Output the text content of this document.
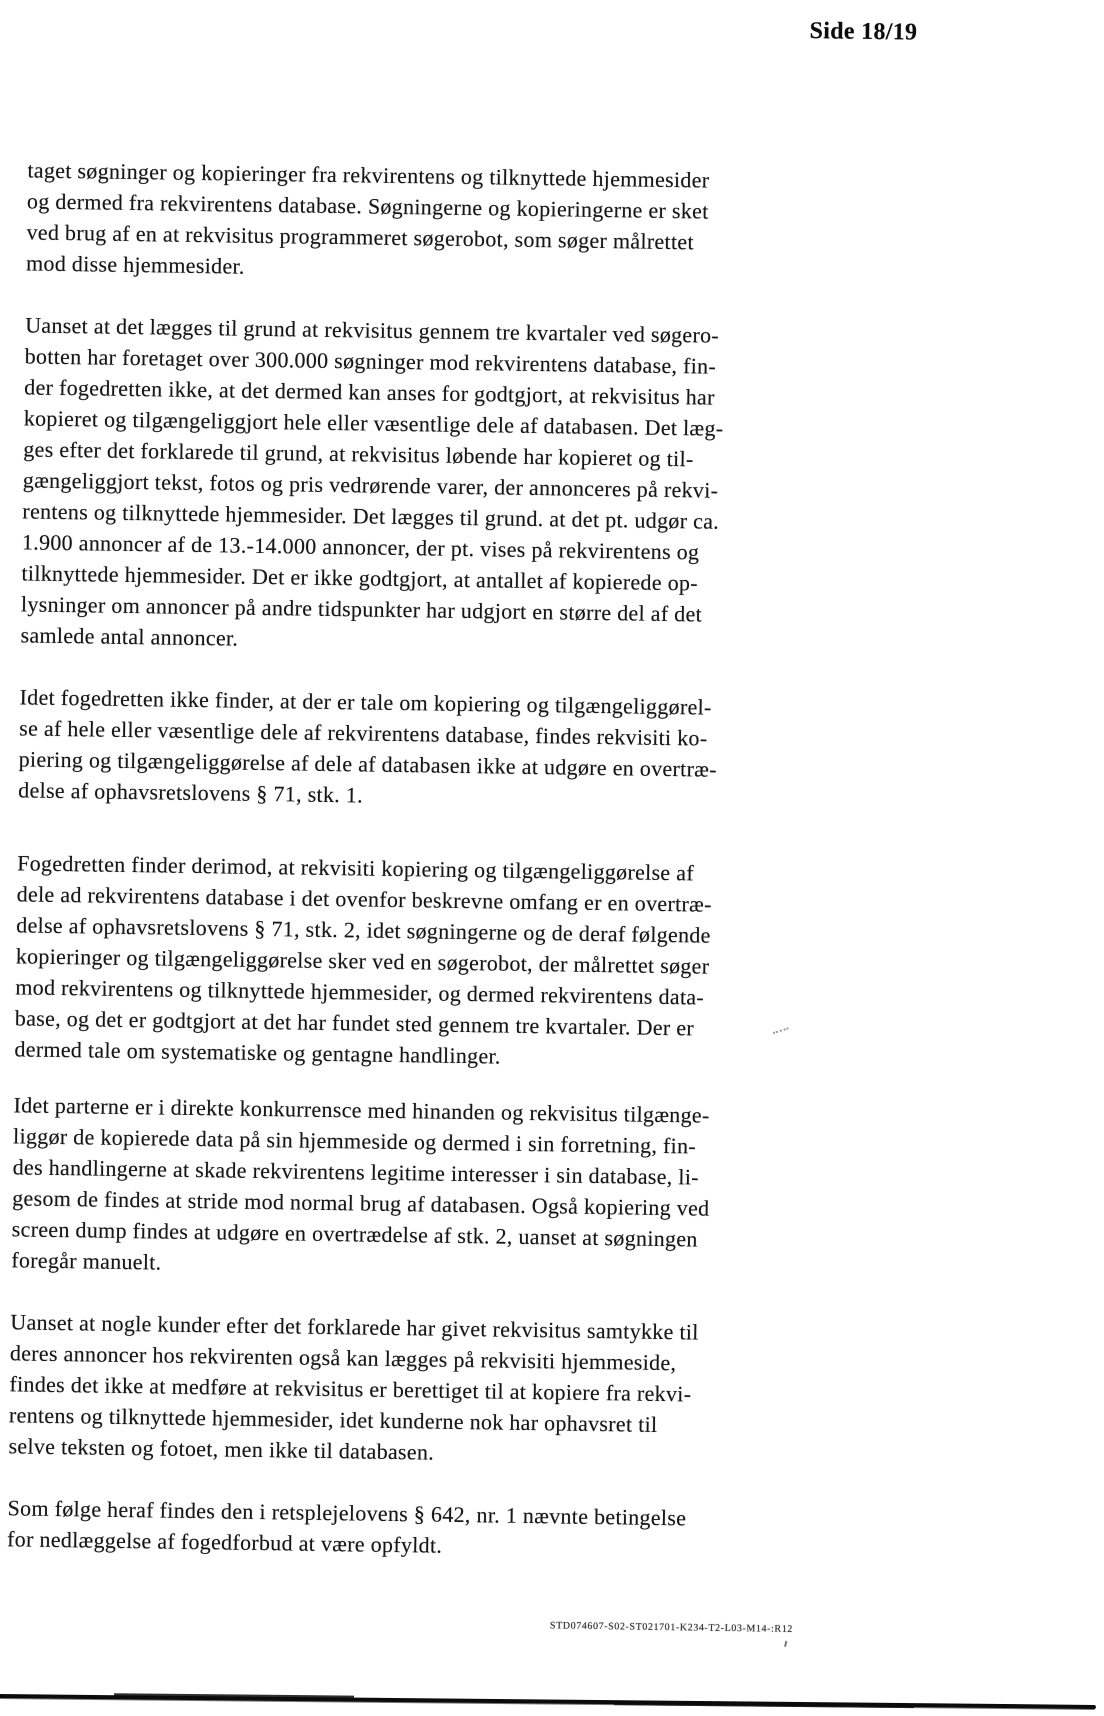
Side 18/19
taget søgninger og kopieringer fra rekvirentens og tilknyttede hjemmesider
og dermed fra rekvirentens database. Søgningerne og kopieringerne er sket
ved brug af en at rekvisitus programmeret søgerobot, som søger målrettet
mod disse hjemmesider.
Uanset at det lægges til grund at rekvisitus gennem tre kvartaler ved søgero-
botten har foretaget over 300.000 søgninger mod rekvirentens database, fin-
der fogedretten ikke, at det dermed kan anses for godtgjort, at rekvisitus har
kopieret og tilgængeliggjort hele eller væsentlige dele af databasen. Det læg-
ges efter det forklarede til grund, at rekvisitus løbende har kopieret og til-
gængeliggjort tekst, fotos og pris vedrørende varer, der annonceres på rekvi-
rentens og tilknyttede hjemmesider. Det lægges til grund. at det pt. udgør ca.
1.900 annoncer af de 13.-14.000 annoncer, der pt. vises på rekvirentens og
tilknyttede hjemmesider. Det er ikke godtgjort, at antallet af kopierede op-
lysninger om annoncer på andre tidspunkter har udgjort en større del af det
samlede antal annoncer.
Idet fogedretten ikke finder, at der er tale om kopiering og tilgængeliggørel-
se af hele eller væsentlige dele af rekvirentens database, findes rekvisiti ko-
piering og tilgængeliggørelse af dele af databasen ikke at udgøre en overtræ-
delse af ophavsretslovens § 71, stk. 1.
Fogedretten finder derimod, at rekvisiti kopiering og tilgængeliggørelse af
dele ad rekvirentens database i det ovenfor beskrevne omfang er en overtræ-
delse af ophavsretslovens § 71, stk. 2, idet søgningerne og de deraf følgende
kopieringer og tilgængeliggørelse sker ved en søgerobot, der målrettet søger
mod rekvirentens og tilknyttede hjemmesider, og dermed rekvirentens data-
base, og det er godtgjort at det har fundet sted gennem tre kvartaler. Der er
dermed tale om systematiske og gentagne handlinger.
Idet parterne er i direkte konkurrensce med hinanden og rekvisitus tilgænge-
liggør de kopierede data på sin hjemmeside og dermed i sin forretning, fin-
des handlingerne at skade rekvirentens legitime interesser i sin database, li-
gesom de findes at stride mod normal brug af databasen. Også kopiering ved
screen dump findes at udgøre en overtrædelse af stk. 2, uanset at søgningen
foregår manuelt.
Uanset at nogle kunder efter det forklarede har givet rekvisitus samtykke til
deres annoncer hos rekvirenten også kan lægges på rekvisiti hjemmeside,
findes det ikke at medføre at rekvisitus er berettiget til at kopiere fra rekvi-
rentens og tilknyttede hjemmesider, idet kunderne nok har ophavsret til
selve teksten og fotoet, men ikke til databasen.
Som følge heraf findes den i retsplejelovens § 642, nr. 1 nævnte betingelse
for nedlæggelse af fogedforbud at være opfyldt.
STD074607-S02-ST021701-K234-T2-L03-M14-:R12
